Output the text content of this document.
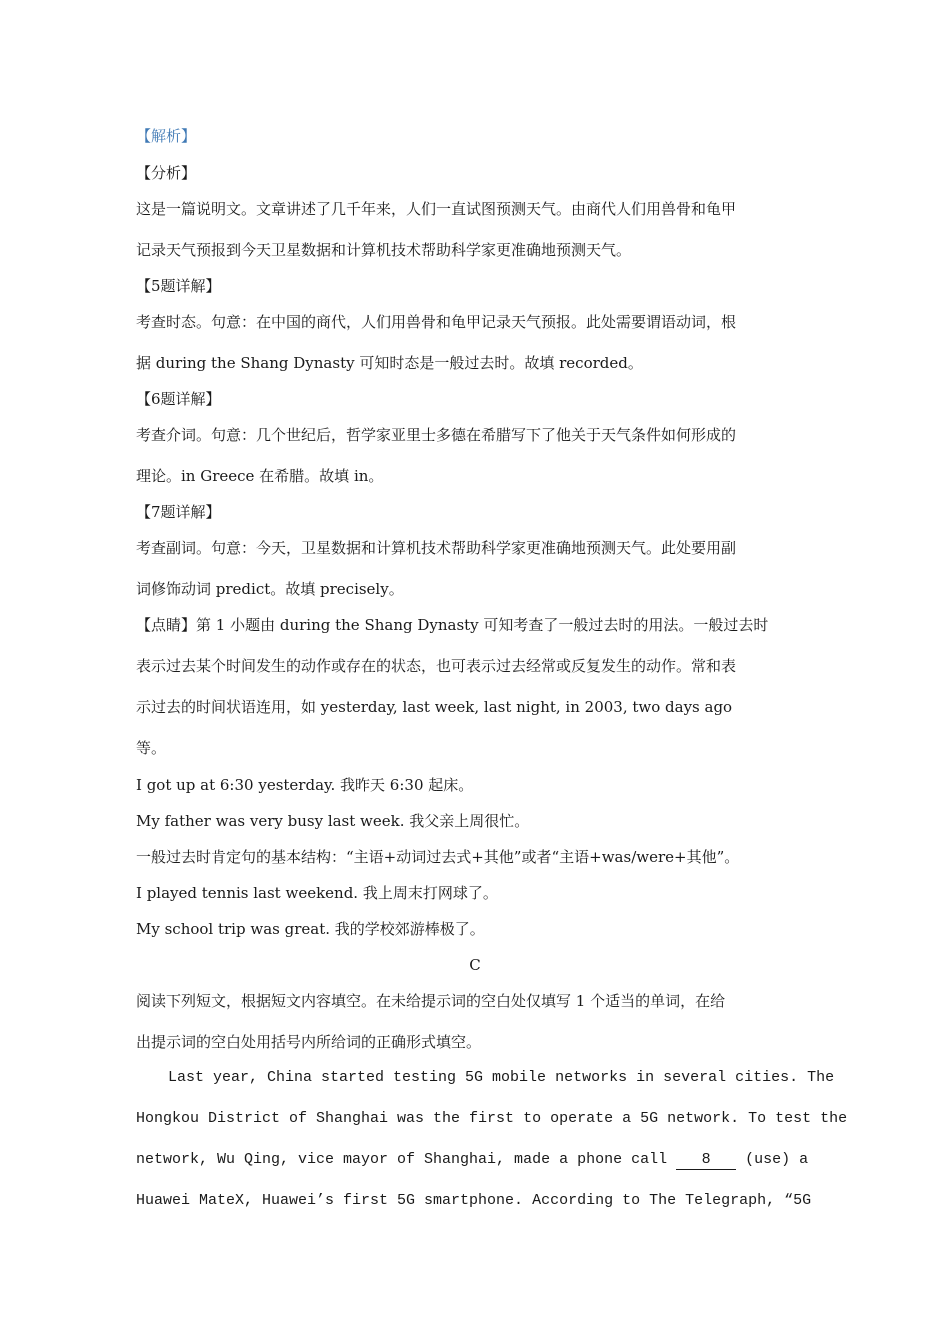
【解析】
【分析】
这是一篇说明文。文章讲述了几千年来，人们一直试图预测天气。由商代人们用兽骨和龟甲
记录天气预报到今天卫星数据和计算机技术帮助科学家更准确地预测天气。
【5题详解】
考查时态。句意：在中国的商代，人们用兽骨和龟甲记录天气预报。此处需要谓语动词，根
据 during the Shang Dynasty 可知时态是一般过去时。故填 recorded。
【6题详解】
考查介词。句意：几个世纪后，哲学家亚里士多德在希腊写下了他关于天气条件如何形成的
理论。in Greece 在希腊。故填 in。
【7题详解】
考查副词。句意：今天，卫星数据和计算机技术帮助科学家更准确地预测天气。此处要用副
词修饰动词 predict。故填 precisely。
【点睛】第 1 小题由 during the Shang Dynasty 可知考查了一般过去时的用法。一般过去时
表示过去某个时间发生的动作或存在的状态，也可表示过去经常或反复发生的动作。常和表
示过去的时间状语连用，如 yesterday, last week, last night, in 2003, two days ago
等。
I got up at 6:30 yesterday. 我昨天 6:30 起床。
My father was very busy last week. 我父亲上周很忙。
一般过去时肯定句的基本结构：“主语+动词过去式+其他”或者“主语+was/were+其他”。
I played tennis last weekend. 我上周末打网球了。
My school trip was great. 我的学校郊游棒极了。
C
阅读下列短文，根据短文内容填空。在未给提示词的空白处仅填写 1 个适当的单词，在给
出提示词的空白处用括号内所给词的正确形式填空。
Last year, China started testing 5G mobile networks in several cities. The
Hongkou District of Shanghai was the first to operate a 5G network. To test the
network, Wu Qing, vice mayor of Shanghai, made a phone call 8 (use) a
Huawei MateX, Huawei’s first 5G smartphone. According to The Telegraph, “5G
